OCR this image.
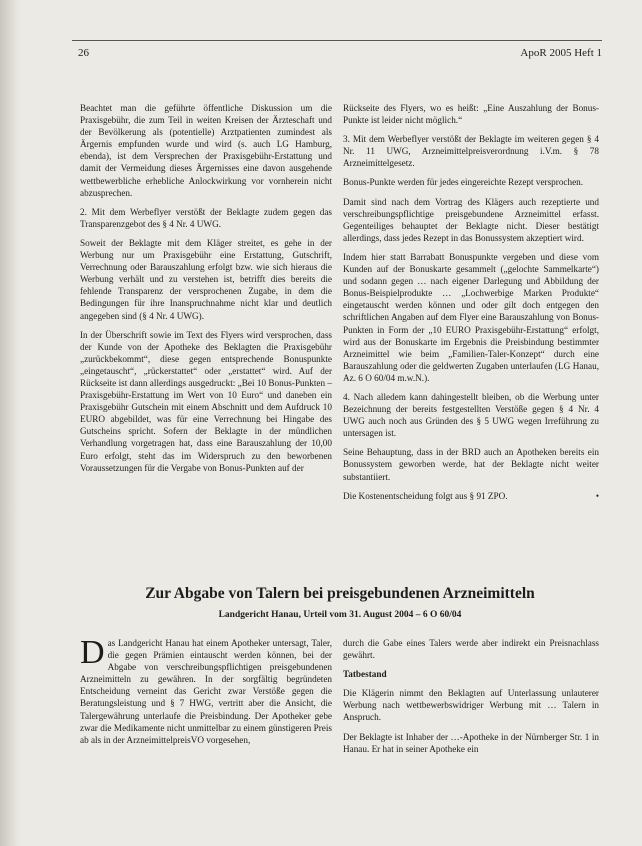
26	ApoR 2005 Heft 1

Beachtet man die geführte öffentliche Diskussion um die Praxisgebühr, die zum Teil in weiten Kreisen der Ärzteschaft und der Bevölkerung als (potentielle) Arztpatienten zumindest als Ärgernis empfunden wurde und wird (s. auch LG Hamburg, ebenda), ist dem Versprechen der Praxisgebühr-Erstattung und damit der Vermeidung dieses Ärgernisses eine davon ausgehende wettbewerbliche erhebliche Anlockwirkung vor vornherein nicht abzusprechen.

2. Mit dem Werbeflyer verstößt der Beklagte zudem gegen das Transparenzgebot des § 4 Nr. 4 UWG.

Soweit der Beklagte mit dem Kläger streitet, es gehe in der Werbung nur um Praxisgebühr eine Erstattung, Gutschrift, Verrechnung oder Barauszahlung erfolgt bzw. wie sich hieraus die Werbung verhält und zu verstehen ist, betrifft dies bereits die fehlende Transparenz der versprochenen Zugabe, in dem die Bedingungen für ihre Inanspruchnahme nicht klar und deutlich angegeben sind (§ 4 Nr. 4 UWG).

In der Überschrift sowie im Text des Flyers wird versprochen, dass der Kunde von der Apotheke des Beklagten die Praxisgebühr „zurückbekommt“, diese gegen entsprechende Bonuspunkte „eingetauscht“, „rückerstattet“ oder „erstattet“ wird. Auf der Rückseite ist dann allerdings ausgedruckt: „Bei 10 Bonus-Punkten – Praxisgebühr-Erstattung im Wert von 10 Euro“ und daneben ein Praxisgebühr Gutschein mit einem Abschnitt und dem Aufdruck 10 EURO abgebildet, was für eine Verrechnung bei Hingabe des Gutscheins spricht. Sofern der Beklagte in der mündlichen Verhandlung vorgetragen hat, dass eine Barauszahlung der 10,00 Euro erfolgt, steht das im Widerspruch zu den beworbenen Voraussetzungen für die Vergabe von Bonus-Punkten auf der

Rückseite des Flyers, wo es heißt: „Eine Auszahlung der Bonus-Punkte ist leider nicht möglich.“

3. Mit dem Werbeflyer verstößt der Beklagte im weiteren gegen § 4 Nr. 11 UWG, Arzneimittelpreisverordnung i.V.m. § 78 Arzneimittelgesetz.

Bonus-Punkte werden für jedes eingereichte Rezept versprochen.

Damit sind nach dem Vortrag des Klägers auch rezeptierte und verschreibungspflichtige preisgebundene Arzneimittel erfasst. Gegenteiliges behauptet der Beklagte nicht. Dieser bestätigt allerdings, dass jedes Rezept in das Bonussystem akzeptiert wird.

Indem hier statt Barrabatt Bonuspunkte vergeben und diese vom Kunden auf der Bonuskarte gesammelt („gelochte Sammelkarte“) und sodann gegen … nach eigener Darlegung und Abbildung der Bonus-Beispielprodukte … „Lochwerbige Marken Produkte“ eingetauscht werden können und oder gilt doch entgegen den schriftlichen Angaben auf dem Flyer eine Barauszahlung von Bonus-Punkten in Form der „10 EURO Praxisgebühr-Erstattung“ erfolgt, wird aus der Bonuskarte im Ergebnis die Preisbindung bestimmter Arzneimittel wie beim „Familien-Taler-Konzept“ durch eine Barauszahlung oder die geldwerten Zugaben unterlaufen (LG Hanau, Az. 6 O 60/04 m.w.N.).

4. Nach alledem kann dahingestellt bleiben, ob die Werbung unter Bezeichnung der bereits festgestellten Verstöße gegen § 4 Nr. 4 UWG auch noch aus Gründen des § 5 UWG wegen Irreführung zu untersagen ist.

Seine Behauptung, dass in der BRD auch an Apotheken bereits ein Bonussystem geworben werde, hat der Beklagte nicht weiter substantiiert.

Die Kostenentscheidung folgt aus § 91 ZPO.	•

Zur Abgabe von Talern bei preisgebundenen Arzneimitteln
Landgericht Hanau, Urteil vom 31. August 2004 – 6 O 60/04

Das Landgericht Hanau hat einem Apotheker untersagt, Taler, die gegen Prämien eintauscht werden können, bei der Abgabe von verschreibungspflichtigen preisgebundenen Arzneimitteln zu gewähren. In der sorgfältig begründeten Entscheidung verneint das Gericht zwar Verstöße gegen die Beratungsleistung und § 7 HWG, vertritt aber die Ansicht, die Talergewährung unterlaufe die Preisbindung. Der Apotheker gebe zwar die Medikamente nicht unmittelbar zu einem günstigeren Preis ab als in der ArzneimittelpreisVO vorgesehen,

durch die Gabe eines Talers werde aber indirekt ein Preisnachlass gewährt.

Tatbestand

Die Klägerin nimmt den Beklagten auf Unterlassung unlauterer Werbung nach wettbewerbswidriger Werbung mit … Talern in Anspruch.

Der Beklagte ist Inhaber der …-Apotheke in der Nürnberger Str. 1 in Hanau. Er hat in seiner Apotheke ein
